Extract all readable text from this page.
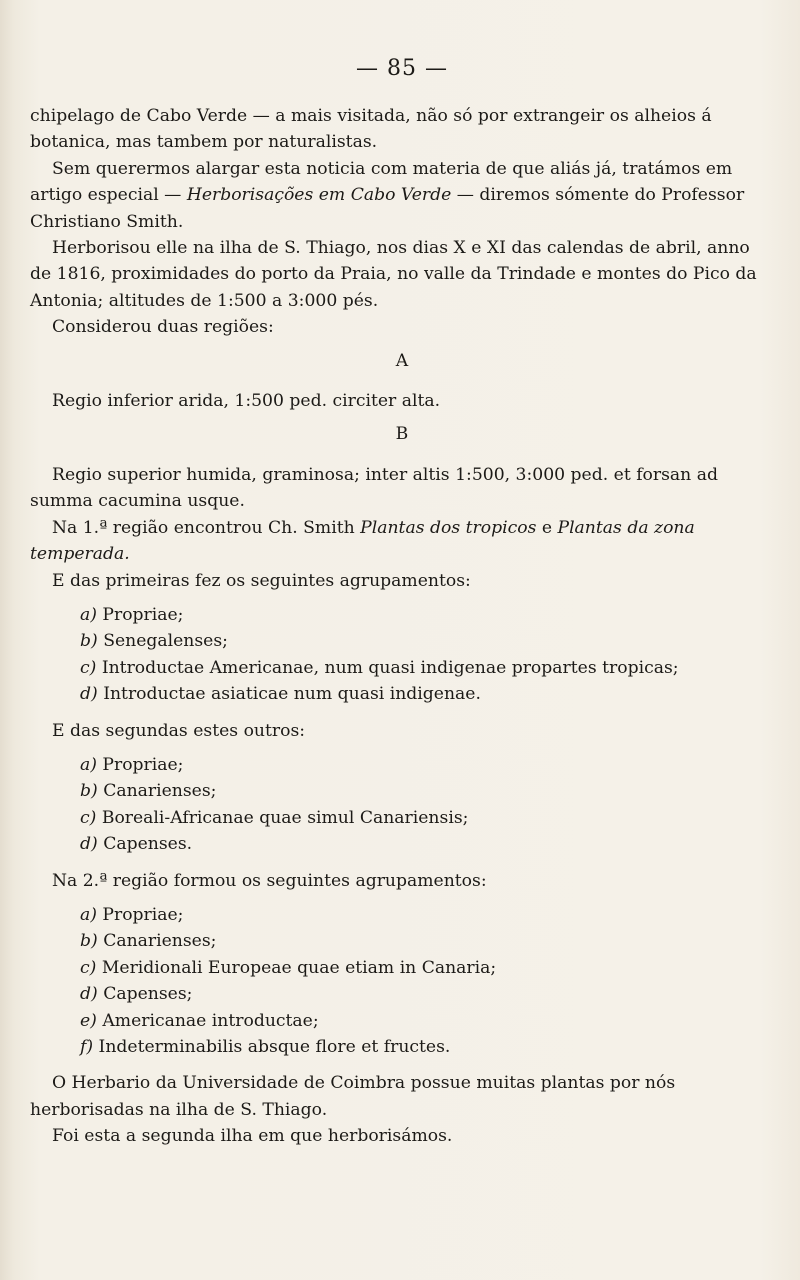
— 85 —

chipelago de Cabo Verde — a mais visitada, não só por extrangeir os alheios á botanica, mas tambem por naturalistas.

Sem querermos alargar esta noticia com materia de que aliás já, tratámos em artigo especial — Herborisações em Cabo Verde — diremos sómente do Professor Christiano Smith.

Herborisou elle na ilha de S. Thiago, nos dias X e XI das calendas de abril, anno de 1816, proximidades do porto da Praia, no valle da Trindade e montes do Pico da Antonia; altitudes de 1:500 a 3:000 pés.

Considerou duas regiões:

A

Regio inferior arida, 1:500 ped. circiter alta.

B

Regio superior humida, graminosa; inter altis 1:500, 3:000 ped. et forsan ad summa cacumina usque.

Na 1.ª região encontrou Ch. Smith Plantas dos tropicos e Plantas da zona temperada.

E das primeiras fez os seguintes agrupamentos:

a) Propriae;
b) Senegalenses;
c) Introductae Americanae, num quasi indigenae propartes tropicas;
d) Introductae asiaticae num quasi indigenae.

E das segundas estes outros:

a) Propriae;
b) Canarienses;
c) Boreali-Africanae quae simul Canariensis;
d) Capenses.

Na 2.ª região formou os seguintes agrupamentos:

a) Propriae;
b) Canarienses;
c) Meridionali Europeae quae etiam in Canaria;
d) Capenses;
e) Americanae introductae;
f) Indeterminabilis absque flore et fructes.

O Herbario da Universidade de Coimbra possue muitas plantas por nós herborisadas na ilha de S. Thiago.

Foi esta a segunda ilha em que herborisámos.
